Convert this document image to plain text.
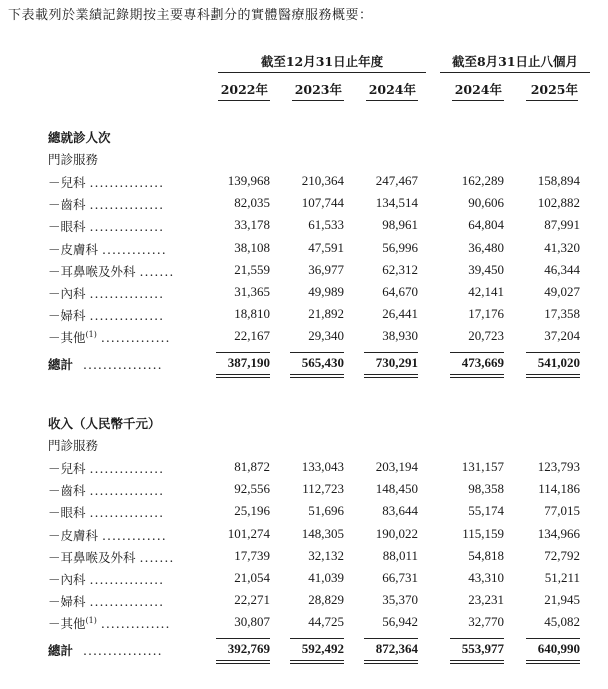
下表載列於業績記錄期按主要專科劃分的實體醫療服務概要：
截至12月31日止年度	截至8月31日止八個月
2022年	2023年	2024年	2024年	2025年
總就診人次
門診服務
－兒科 ...............	139,968	210,364	247,467	162,289	158,894
－齒科 ...............	82,035	107,744	134,514	90,606	102,882
－眼科 ...............	33,178	61,533	98,961	64,804	87,991
－皮膚科 .............	38,108	47,591	56,996	36,480	41,320
－耳鼻喉及外科 .......	21,559	36,977	62,312	39,450	46,344
－內科 ...............	31,365	49,989	64,670	42,141	49,027
－婦科 ...............	18,810	21,892	26,441	17,176	17,358
－其他$^{(1)}$ ..............	22,167	29,340	38,930	20,723	37,204
總計 ................	387,190	565,430	730,291	473,669	541,020
收入（人民幣千元）
門診服務
－兒科 ...............	81,872	133,043	203,194	131,157	123,793
－齒科 ...............	92,556	112,723	148,450	98,358	114,186
－眼科 ...............	25,196	51,696	83,644	55,174	77,015
－皮膚科 .............	101,274	148,305	190,022	115,159	134,966
－耳鼻喉及外科 .......	17,739	32,132	88,011	54,818	72,792
－內科 ...............	21,054	41,039	66,731	43,310	51,211
－婦科 ...............	22,271	28,829	35,370	23,231	21,945
－其他$^{(1)}$ ..............	30,807	44,725	56,942	32,770	45,082
總計 ................	392,769	592,492	872,364	553,977	640,990
